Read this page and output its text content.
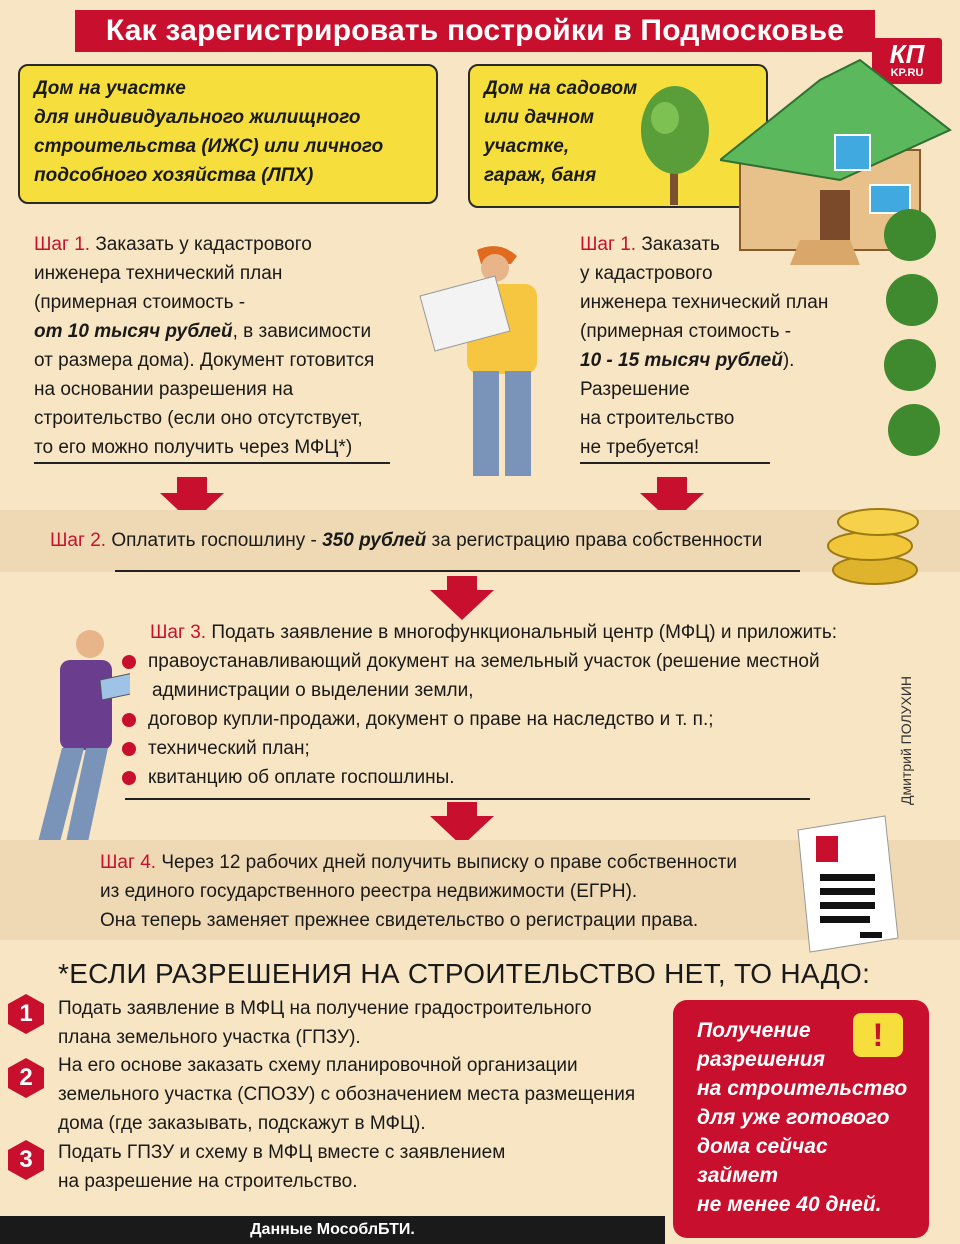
Как зарегистрировать постройки в Подмосковье
КП
KP.RU
Дом на участке
для индивидуального жилищного
строительства (ИЖС) или личного
подсобного хозяйства (ЛПХ)
Дом на садовом
или дачном
участке,
гараж, баня
Шаг 1. Заказать у кадастрового
инженера технический план
(примерная стоимость -
от 10 тысяч рублей, в зависимости
от размера дома). Документ готовится
на основании разрешения на
строительство (если оно отсутствует,
то его можно получить через МФЦ*)
Шаг 1. Заказать
у кадастрового
инженера технический план
(примерная стоимость -
10 - 15 тысяч рублей).
Разрешение
на строительство
не требуется!
Шаг 2. Оплатить госпошлину - 350 рублей за регистрацию права собственности
Шаг 3. Подать заявление в многофункциональный центр (МФЦ) и приложить:
правоустанавливающий документ на земельный участок (решение местной
администрации о выделении земли,
договор купли-продажи, документ о праве на наследство и т. п.;
технический план;
квитанцию об оплате госпошлины.	Дмитрий ПОЛУХИН
Шаг 4. Через 12 рабочих дней получить выписку о праве собственности
из единого государственного реестра недвижимости (ЕГРН).
Она теперь заменяет прежнее свидетельство о регистрации права.
*ЕСЛИ РАЗРЕШЕНИЯ НА СТРОИТЕЛЬСТВО НЕТ, ТО НАДО:
1	Подать заявление в МФЦ на получение градостроительного
плана земельного участка (ГПЗУ).
2	На его основе заказать схему планировочной организации
земельного участка (СПОЗУ) с обозначением места размещения
дома (где заказывать, подскажут в МФЦ).
3	Подать ГПЗУ и схему в МФЦ вместе с заявлением
на разрешение на строительство.
Получение
разрешения
на строительство
для уже готового
дома сейчас
займет
не менее 40 дней.
!
Данные МособлБТИ.
